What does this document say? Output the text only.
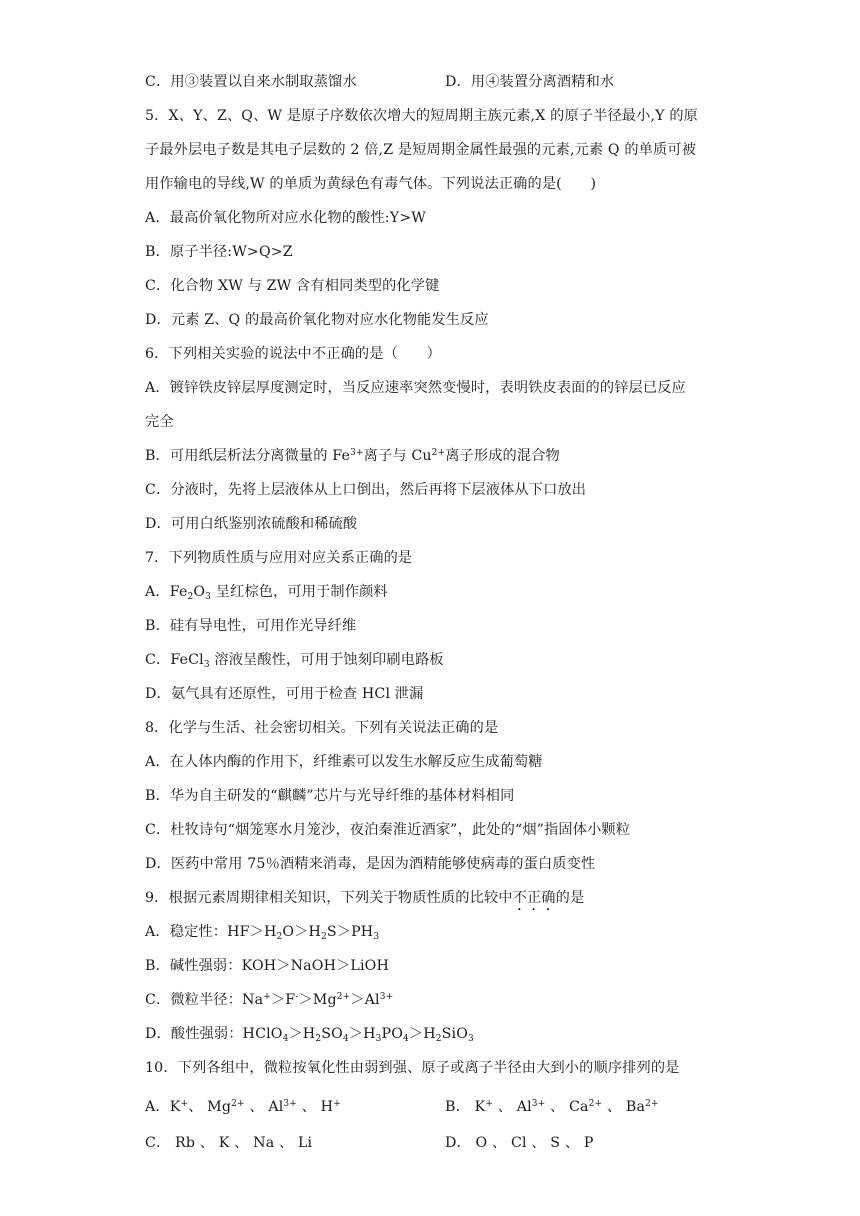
C．用③装置以自来水制取蒸馏水	D．用④装置分离酒精和水
5．X、Y、Z、Q、W 是原子序数依次增大的短周期主族元素,X 的原子半径最小,Y 的原
子最外层电子数是其电子层数的 2 倍,Z 是短周期金属性最强的元素,元素 Q 的单质可被
用作输电的导线,W 的单质为黄绿色有毒气体。下列说法正确的是(　　)
A．最高价氧化物所对应水化物的酸性:Y>W
B．原子半径:W>Q>Z
C．化合物 XW 与 ZW 含有相同类型的化学键
D．元素 Z、Q 的最高价氧化物对应水化物能发生反应
6．下列相关实验的说法中不正确的是（　　）
A．镀锌铁皮锌层厚度测定时，当反应速率突然变慢时，表明铁皮表面的的锌层已反应
完全
B．可用纸层析法分离微量的 $Fe^{3+}$离子与 $Cu^{2+}$离子形成的混合物
C．分液时，先将上层液体从上口倒出，然后再将下层液体从下口放出
D．可用白纸鉴别浓硫酸和稀硫酸
7．下列物质性质与应用对应关系正确的是
A．$Fe_2O_3$ 呈红棕色，可用于制作颜料
B．硅有导电性，可用作光导纤维
C．FeCl$_3$ 溶液呈酸性，可用于蚀刻印刷电路板
D．氨气具有还原性，可用于检查 HCl 泄漏
8．化学与生活、社会密切相关。下列有关说法正确的是
A．在人体内酶的作用下，纤维素可以发生水解反应生成葡萄糖
B．华为自主研发的“麒麟”芯片与光导纤维的基体材料相同
C．杜牧诗句“烟笼寒水月笼沙，夜泊秦淮近酒家”，此处的“烟”指固体小颗粒
D．医药中常用 75％酒精来消毒，是因为酒精能够使病毒的蛋白质变性
9．根据元素周期律相关知识，下列关于物质性质的比较中不正确的是
A．稳定性：$HF>H_2O>H_2S>PH_3$
B．碱性强弱：KOH＞NaOH＞LiOH
C．微粒半径：$Na^+>F^->Mg^{2+}>Al^{3+}$
D．酸性强弱：$HClO_4>H_2SO_4>H_3PO_4>H_2SiO_3$
10．下列各组中，微粒按氧化性由弱到强、原子或离子半径由大到小的顺序排列的是
A．K+、 $Mg^{2+}$ 、 $Al^{3+}$ 、 H+	B． K+ 、 $Al^{3+}$ 、 $Ca^{2+}$ 、 $Ba^{2+}$
C． Rb 、 K 、 Na 、 Li	D． O 、 Cl 、 S 、 P
